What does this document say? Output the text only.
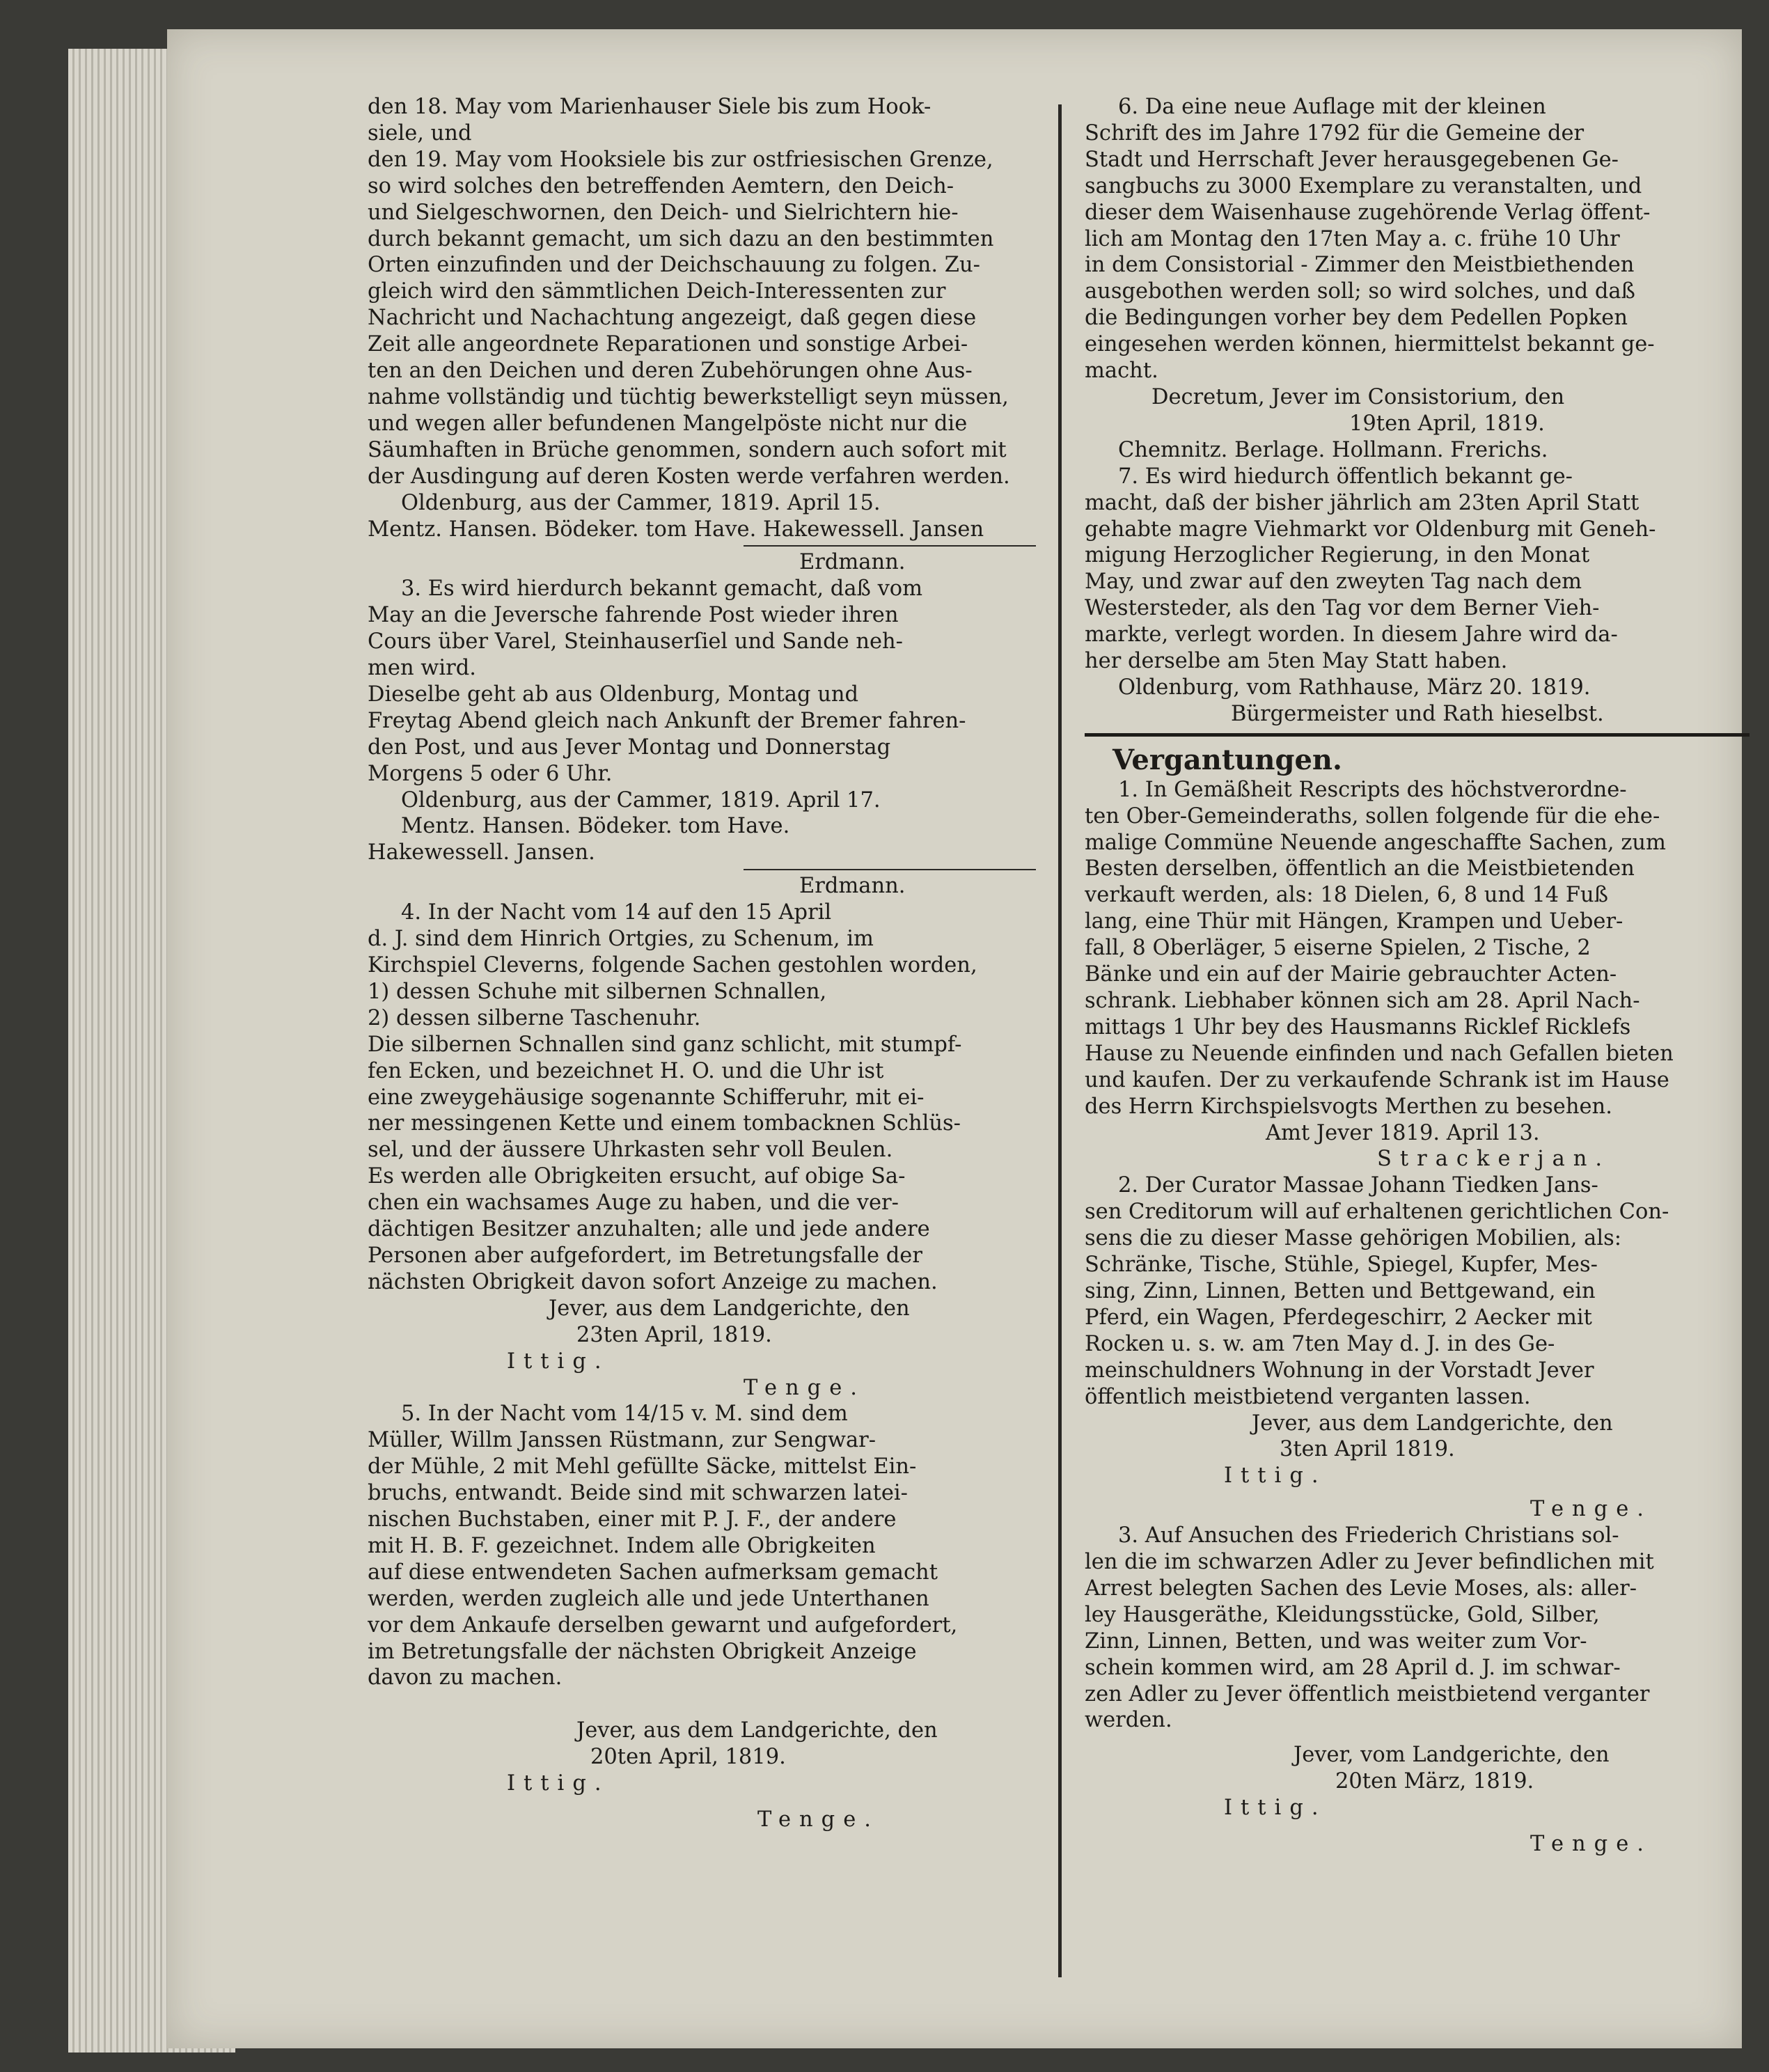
den 18. May vom Marienhauser Siele bis zum Hook-
siele, und
den 19. May vom Hooksiele bis zur ostfriesischen Grenze,
so wird solches den betreffenden Aemtern, den Deich-
und Sielgeschwornen, den Deich- und Sielrichtern hie-
durch bekannt gemacht, um sich dazu an den bestimmten
Orten einzufinden und der Deichschauung zu folgen. Zu-
gleich wird den sämmtlichen Deich-Interessenten zur
Nachricht und Nachachtung angezeigt, daß gegen diese
Zeit alle angeordnete Reparationen und sonstige Arbei-
ten an den Deichen und deren Zubehörungen ohne Aus-
nahme vollständig und tüchtig bewerkstelligt seyn müssen,
und wegen aller befundenen Mangelpöste nicht nur die
Säumhaften in Brüche genommen, sondern auch sofort mit
der Ausdingung auf deren Kosten werde verfahren werden.
Oldenburg, aus der Cammer, 1819. April 15.
Mentz. Hansen. Bödeker. tom Have. Hakewessell. Jansen
Erdmann.
3. Es wird hierdurch bekannt gemacht, daß vom
May an die Jeversche fahrende Post wieder ihren
Cours über Varel, Steinhauserſiel und Sande neh-
men wird.
Dieselbe geht ab aus Oldenburg, Montag und
Freytag Abend gleich nach Ankunft der Bremer fahren-
den Post, und aus Jever Montag und Donnerstag
Morgens 5 oder 6 Uhr.
Oldenburg, aus der Cammer, 1819. April 17.
Mentz. Hansen. Bödeker. tom Have.
Hakewessell. Jansen.
Erdmann.
4. In der Nacht vom 14 auf den 15 April
d. J. sind dem Hinrich Ortgies, zu Schenum, im
Kirchspiel Cleverns, folgende Sachen gestohlen worden,
1) dessen Schuhe mit silbernen Schnallen,
2) dessen silberne Taschenuhr.
Die silbernen Schnallen sind ganz schlicht, mit stumpf-
fen Ecken, und bezeichnet H. O. und die Uhr ist
eine zweygehäusige sogenannte Schifferuhr, mit ei-
ner messingenen Kette und einem tombacknen Schlüs-
sel, und der äussere Uhrkasten sehr voll Beulen.
Es werden alle Obrigkeiten ersucht, auf obige Sa-
chen ein wachsames Auge zu haben, und die ver-
dächtigen Besitzer anzuhalten; alle und jede andere
Personen aber aufgefordert, im Betretungsfalle der
nächsten Obrigkeit davon sofort Anzeige zu machen.
Jever, aus dem Landgerichte, den
23ten April, 1819.
Ittig.
Tenge.
5. In der Nacht vom 14/15 v. M. sind dem
Müller, Willm Janssen Rüstmann, zur Sengwar-
der Mühle, 2 mit Mehl gefüllte Säcke, mittelst Ein-
bruchs, entwandt. Beide sind mit schwarzen latei-
nischen Buchstaben, einer mit P. J. F., der andere
mit H. B. F. gezeichnet. Indem alle Obrigkeiten
auf diese entwendeten Sachen aufmerksam gemacht
werden, werden zugleich alle und jede Unterthanen
vor dem Ankaufe derselben gewarnt und aufgefordert,
im Betretungsfalle der nächsten Obrigkeit Anzeige
davon zu machen.
Jever, aus dem Landgerichte, den
20ten April, 1819.
Ittig.
Tenge.
6. Da eine neue Auflage mit der kleinen
Schrift des im Jahre 1792 für die Gemeine der
Stadt und Herrschaft Jever herausgegebenen Ge-
sangbuchs zu 3000 Exemplare zu veranstalten, und
dieser dem Waisenhause zugehörende Verlag öffent-
lich am Montag den 17ten May a. c. frühe 10 Uhr
in dem Consistorial - Zimmer den Meistbiethenden
ausgebothen werden soll; so wird solches, und daß
die Bedingungen vorher bey dem Pedellen Popken
eingesehen werden können, hiermittelst bekannt ge-
macht.
Decretum, Jever im Consistorium, den
19ten April, 1819.
Chemnitz. Berlage. Hollmann. Frerichs.
7. Es wird hiedurch öffentlich bekannt ge-
macht, daß der bisher jährlich am 23ten April Statt
gehabte magre Viehmarkt vor Oldenburg mit Geneh-
migung Herzoglicher Regierung, in den Monat
May, und zwar auf den zweyten Tag nach dem
Westersteder, als den Tag vor dem Berner Vieh-
markte, verlegt worden. In diesem Jahre wird da-
her derselbe am 5ten May Statt haben.
Oldenburg, vom Rathhause, März 20. 1819.
Bürgermeister und Rath hieselbst.
Vergantungen.
1. In Gemäßheit Rescripts des höchstverordne-
ten Ober-Gemeinderaths, sollen folgende für die ehe-
malige Commüne Neuende angeschaffte Sachen, zum
Besten derselben, öffentlich an die Meistbietenden
verkauft werden, als: 18 Dielen, 6, 8 und 14 Fuß
lang, eine Thür mit Hängen, Krampen und Ueber-
fall, 8 Oberläger, 5 eiserne Spielen, 2 Tische, 2
Bänke und ein auf der Mairie gebrauchter Acten-
schrank. Liebhaber können sich am 28. April Nach-
mittags 1 Uhr bey des Hausmanns Ricklef Ricklefs
Hause zu Neuende einfinden und nach Gefallen bieten
und kaufen. Der zu verkaufende Schrank ist im Hause
des Herrn Kirchspielsvogts Merthen zu besehen.
Amt Jever 1819. April 13.
Strackerjan.
2. Der Curator Massae Johann Tiedken Jans-
sen Creditorum will auf erhaltenen gerichtlichen Con-
sens die zu dieser Masse gehörigen Mobilien, als:
Schränke, Tische, Stühle, Spiegel, Kupfer, Mes-
sing, Zinn, Linnen, Betten und Bettgewand, ein
Pferd, ein Wagen, Pferdegeschirr, 2 Aecker mit
Rocken u. s. w. am 7ten May d. J. in des Ge-
meinschuldners Wohnung in der Vorstadt Jever
öffentlich meistbietend verganten lassen.
Jever, aus dem Landgerichte, den
3ten April 1819.
Ittig.
Tenge.
3. Auf Ansuchen des Friederich Christians sol-
len die im schwarzen Adler zu Jever befindlichen mit
Arrest belegten Sachen des Levie Moses, als: aller-
ley Hausgeräthe, Kleidungsstücke, Gold, Silber,
Zinn, Linnen, Betten, und was weiter zum Vor-
schein kommen wird, am 28 April d. J. im schwar-
zen Adler zu Jever öffentlich meistbietend verganter
werden.
Jever, vom Landgerichte, den
20ten März, 1819.
Ittig.
Tenge.
